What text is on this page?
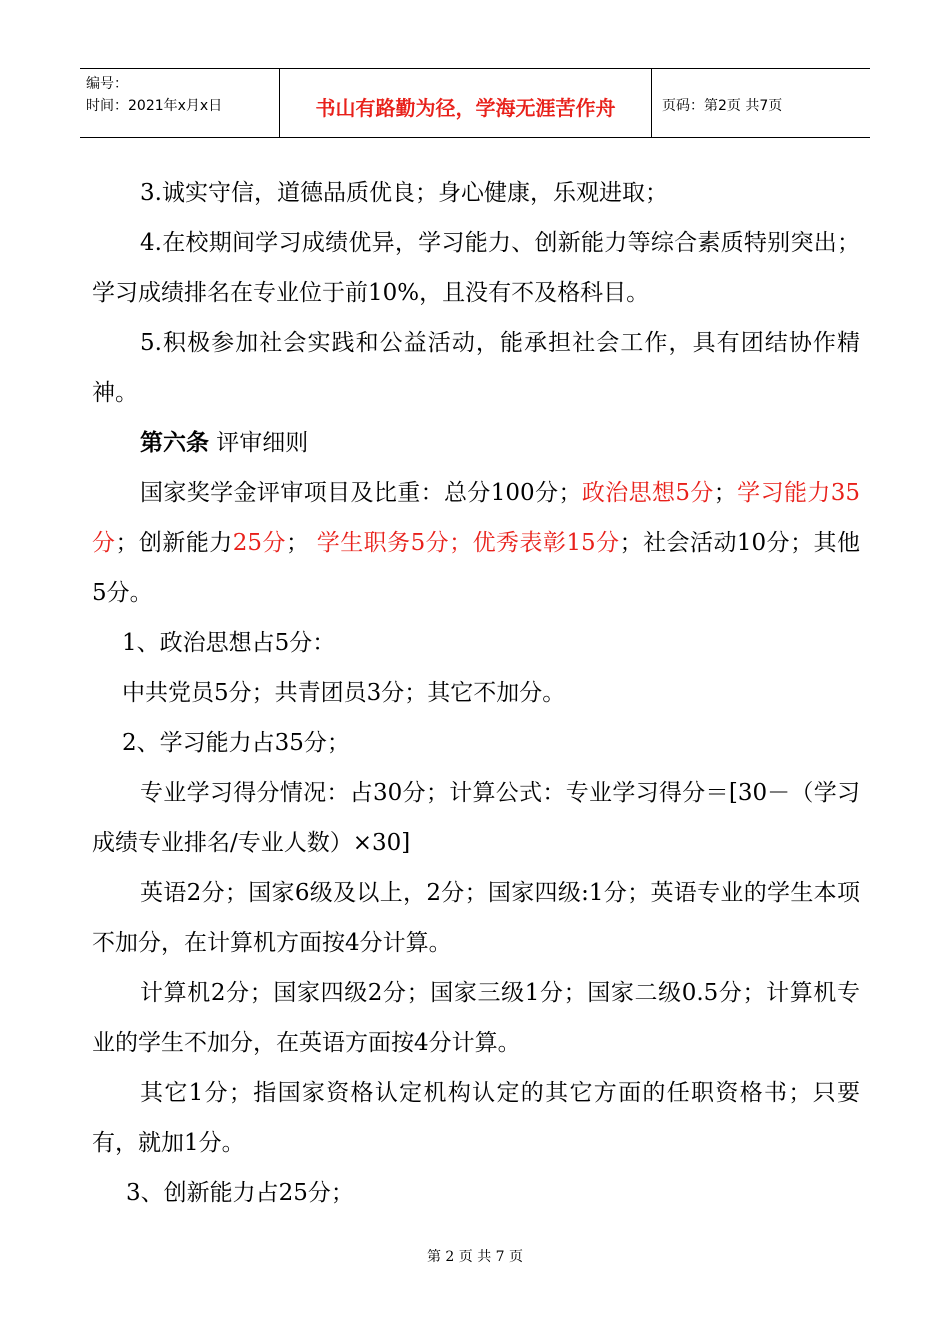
编号：
时间：2021年x月x日	书山有路勤为径，学海无涯苦作舟	页码：第2页 共7页

3.诚实守信，道德品质优良；身心健康，乐观进取；

4.在校期间学习成绩优异，学习能力、创新能力等综合素质特别突出；学习成绩排名在专业位于前10%，且没有不及格科目。

5.积极参加社会实践和公益活动，能承担社会工作，具有团结协作精神。

第六条 评审细则

国家奖学金评审项目及比重：总分100分；政治思想5分；学习能力35分；创新能力25分； 学生职务5分；优秀表彰15分；社会活动10分；其他5分。

1、政治思想占5分：

中共党员5分；共青团员3分；其它不加分。

2、学习能力占35分；

专业学习得分情况：占30分；计算公式：专业学习得分＝[30－（学习成绩专业排名/专业人数）×30]

英语2分；国家6级及以上，2分；国家四级:1分；英语专业的学生本项不加分，在计算机方面按4分计算。

计算机2分；国家四级2分；国家三级1分；国家二级0.5分；计算机专业的学生不加分，在英语方面按4分计算。

其它1分；指国家资格认定机构认定的其它方面的任职资格书；只要有，就加1分。

3、创新能力占25分；

第 2 页 共 7 页
